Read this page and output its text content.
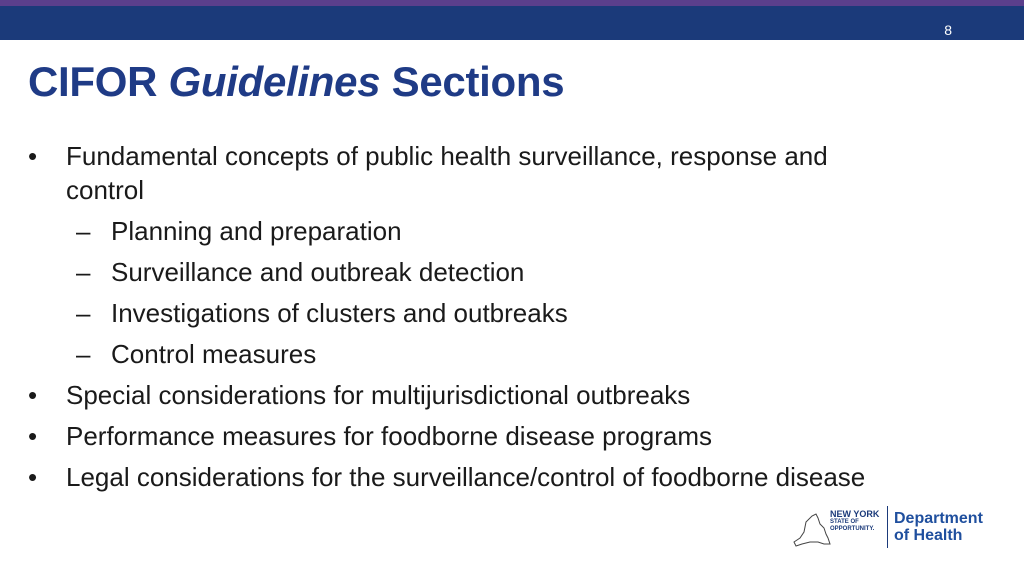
8
CIFOR Guidelines Sections
• Fundamental concepts of public health surveillance, response and
control
– Planning and preparation
– Surveillance and outbreak detection
– Investigations of clusters and outbreaks
– Control measures
• Special considerations for multijurisdictional outbreaks
• Performance measures for foodborne disease programs
• Legal considerations for the surveillance/control of foodborne disease
NEW YORK
STATE OF
OPPORTUNITY.
Department
of Health
